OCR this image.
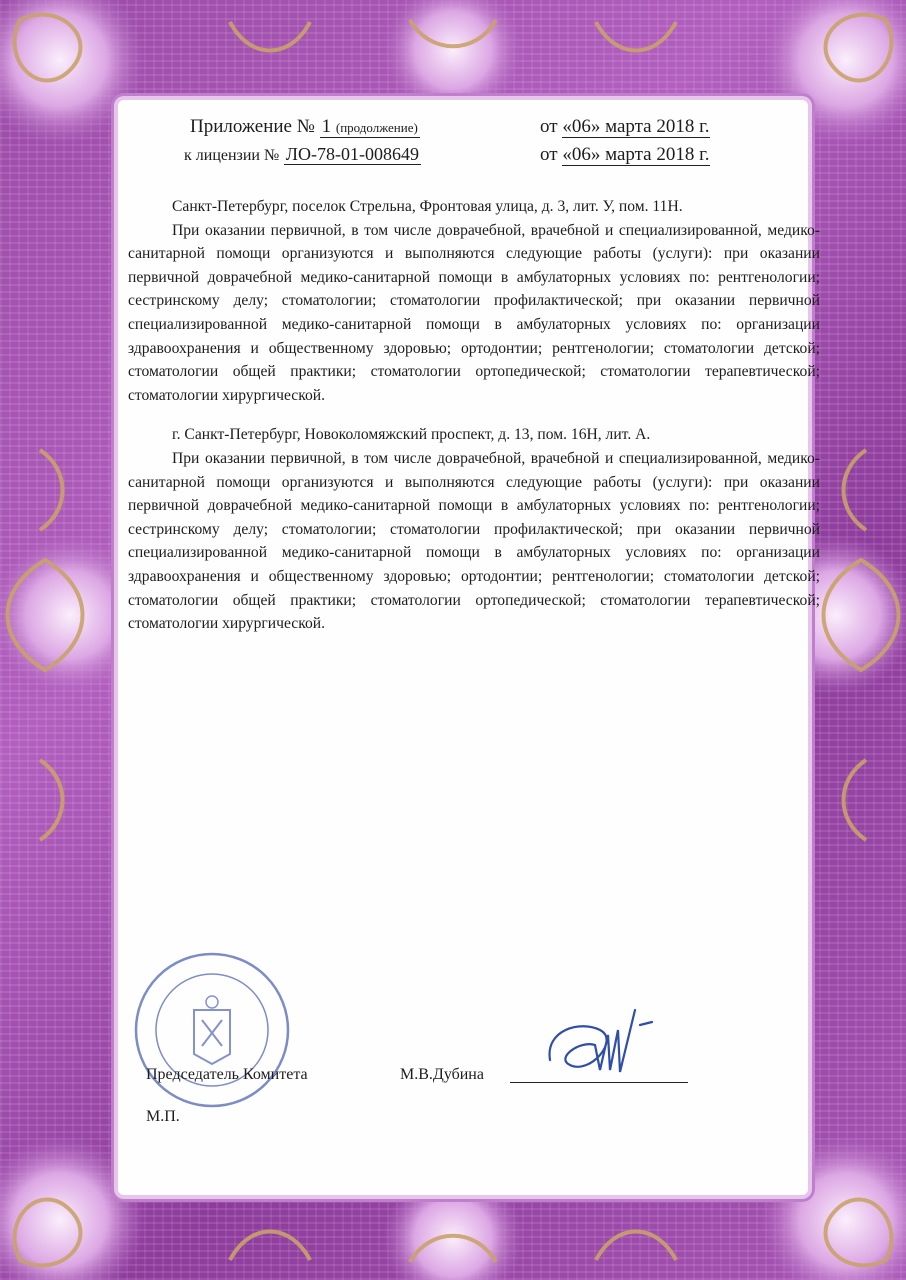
Приложение № 1 (продолжение)	от «06» марта 2018 г.
к лицензии № ЛО-78-01-008649	от «06» марта 2018 г.

Санкт-Петербург, поселок Стрельна, Фронтовая улица, д. 3, лит. У, пом. 11Н.

При оказании первичной, в том числе доврачебной, врачебной и специализированной, медико-санитарной помощи организуются и выполняются следующие работы (услуги): при оказании первичной доврачебной медико-санитарной помощи в амбулаторных условиях по: рентгенологии; сестринскому делу; стоматологии; стоматологии профилактической; при оказании первичной специализированной медико-санитарной помощи в амбулаторных условиях по: организации здравоохранения и общественному здоровью; ортодонтии; рентгенологии; стоматологии детской; стоматологии общей практики; стоматологии ортопедической; стоматологии терапевтической; стоматологии хирургической.

г. Санкт-Петербург, Новоколомяжский проспект, д. 13, пом. 16Н, лит. А.

При оказании первичной, в том числе доврачебной, врачебной и специализированной, медико-санитарной помощи организуются и выполняются следующие работы (услуги): при оказании первичной доврачебной медико-санитарной помощи в амбулаторных условиях по: рентгенологии; сестринскому делу; стоматологии; стоматологии профилактической; при оказании первичной специализированной медико-санитарной помощи в амбулаторных условиях по: организации здравоохранения и общественному здоровью; ортодонтии; рентгенологии; стоматологии детской; стоматологии общей практики; стоматологии ортопедической; стоматологии терапевтической; стоматологии хирургической.

Председатель Комитета	М.В.Дубина
М.П.
